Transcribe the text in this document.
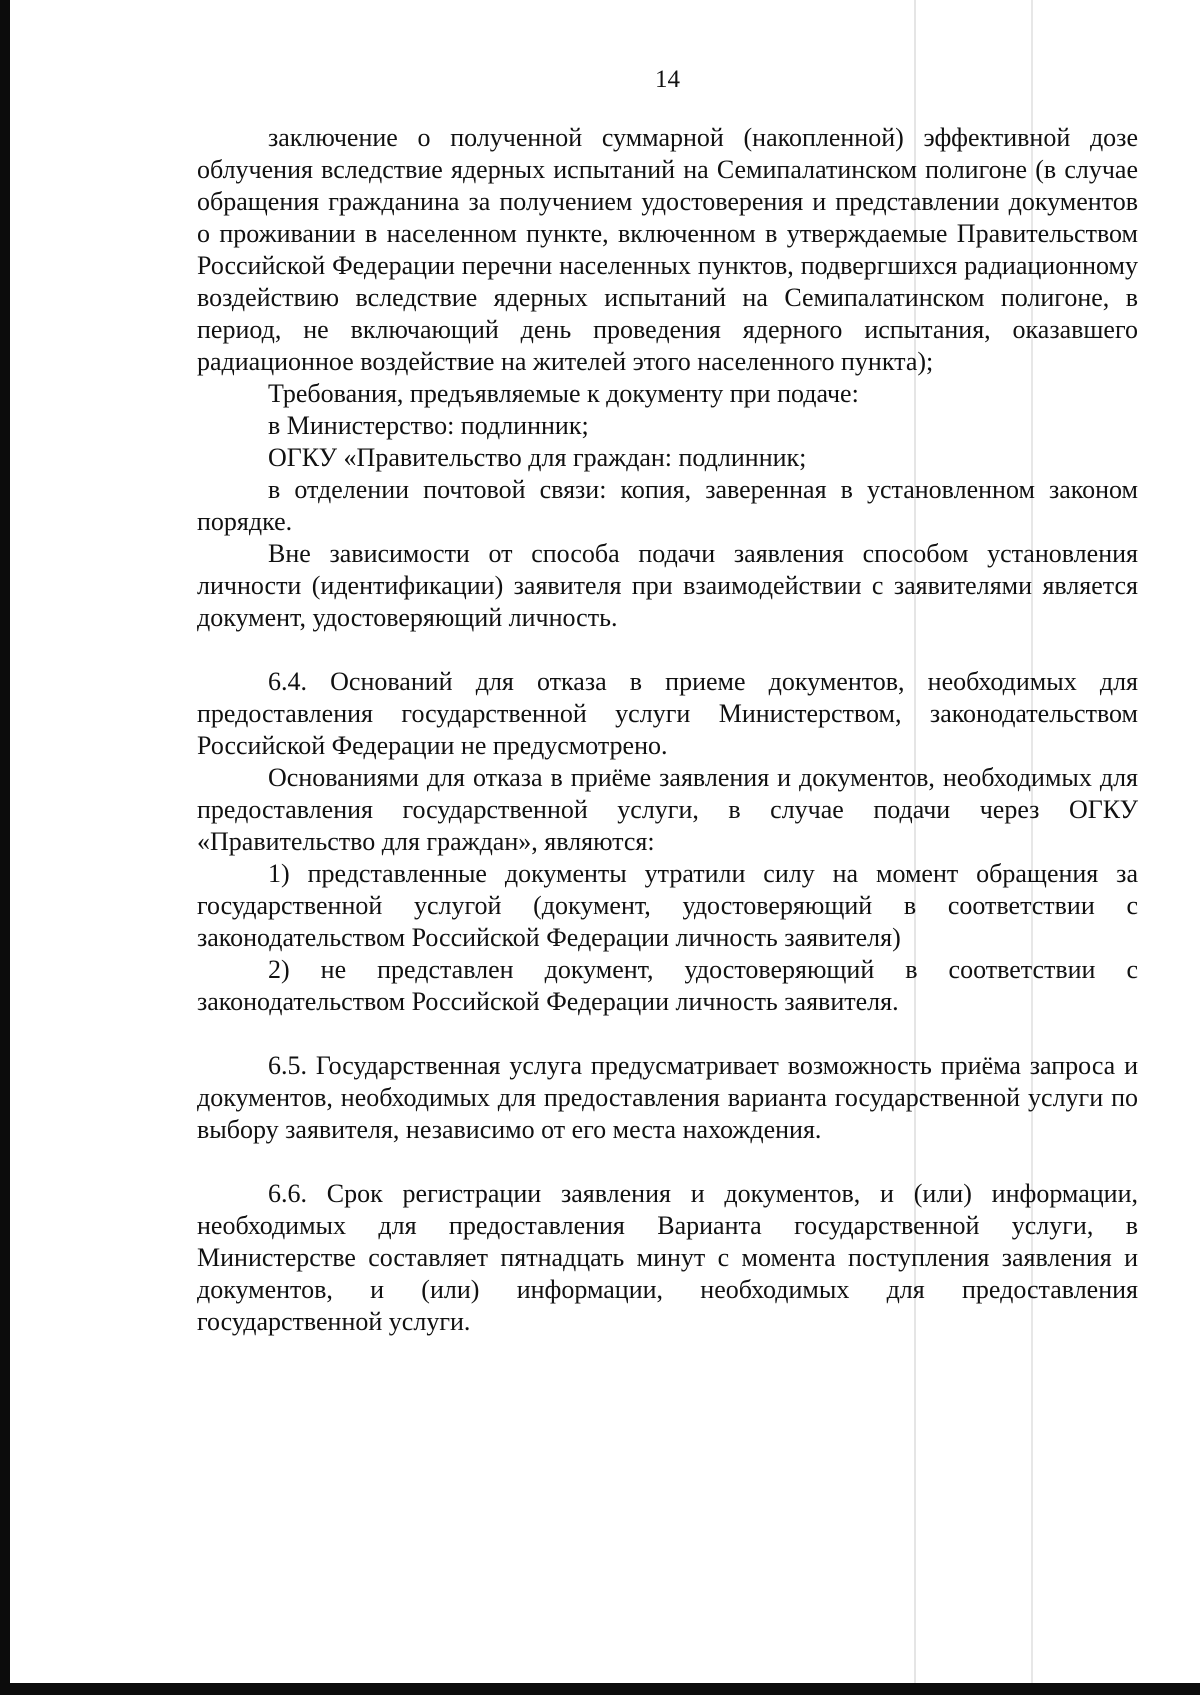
14

заключение о полученной суммарной (накопленной) эффективной дозе облучения вследствие ядерных испытаний на Семипалатинском полигоне (в случае обращения гражданина за получением удостоверения и представлении документов о проживании в населенном пункте, включенном в утверждаемые Правительством Российской Федерации перечни населенных пунктов, подвергшихся радиационному воздействию вследствие ядерных испытаний на Семипалатинском полигоне, в период, не включающий день проведения ядерного испытания, оказавшего радиационное воздействие на жителей этого населенного пункта);

Требования, предъявляемые к документу при подаче:

в Министерство: подлинник;

ОГКУ «Правительство для граждан: подлинник;

в отделении почтовой связи: копия, заверенная в установленном законом порядке.

Вне зависимости от способа подачи заявления способом установления личности (идентификации) заявителя при взаимодействии с заявителями является документ, удостоверяющий личность.

6.4. Оснований для отказа в приеме документов, необходимых для предоставления государственной услуги Министерством, законодательством Российской Федерации не предусмотрено.

Основаниями для отказа в приёме заявления и документов, необходимых для предоставления государственной услуги, в случае подачи через ОГКУ «Правительство для граждан», являются:

1) представленные документы утратили силу на момент обращения за государственной услугой (документ, удостоверяющий в соответствии с законодательством Российской Федерации личность заявителя)

2) не представлен документ, удостоверяющий в соответствии с законодательством Российской Федерации личность заявителя.

6.5. Государственная услуга предусматривает возможность приёма запроса и документов, необходимых для предоставления варианта государственной услуги по выбору заявителя, независимо от его места нахождения.

6.6. Срок регистрации заявления и документов, и (или) информации, необходимых для предоставления Варианта государственной услуги, в Министерстве составляет пятнадцать минут с момента поступления заявления и документов, и (или) информации, необходимых для предоставления государственной услуги.
